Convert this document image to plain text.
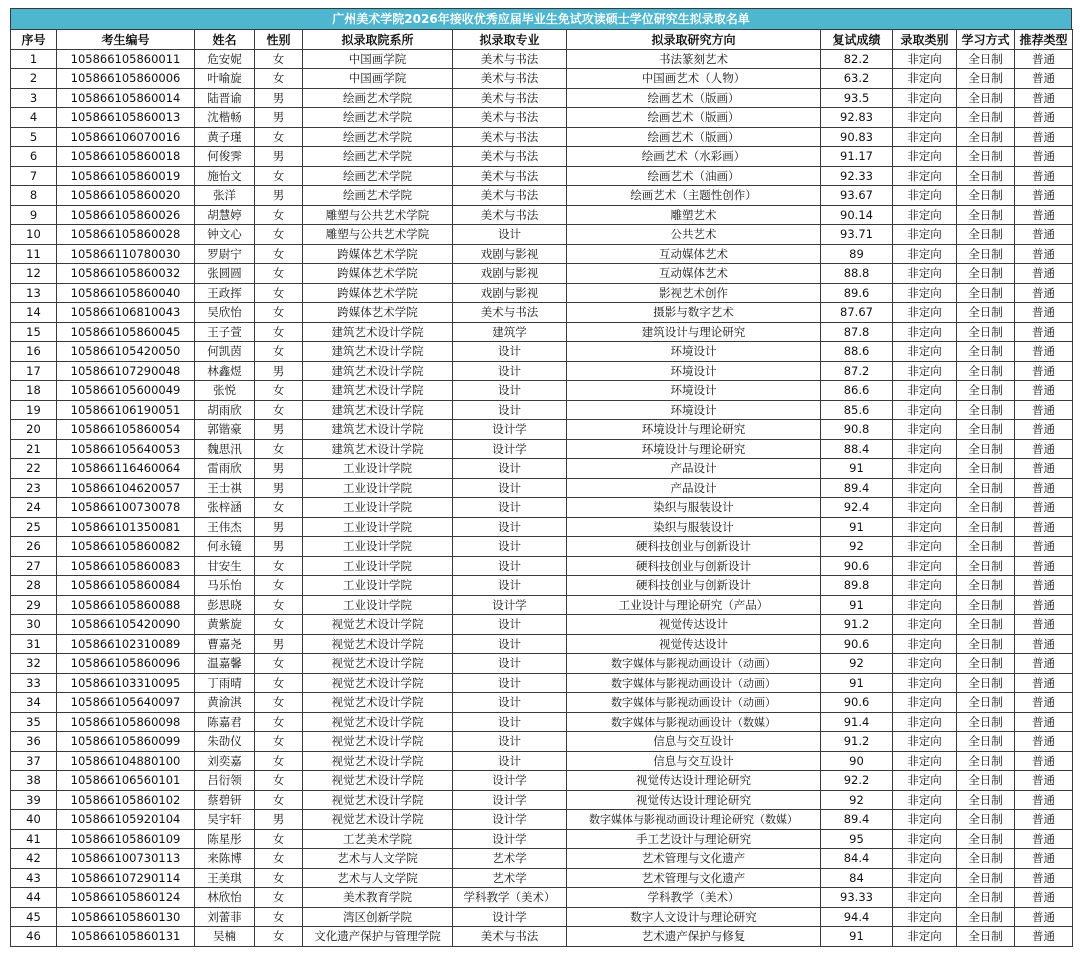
广州美术学院2026年接收优秀应届毕业生免试攻读硕士学位研究生拟录取名单
序号	考生编号	姓名	性别	拟录取院系所	拟录取专业	拟录取研究方向	复试成绩	录取类别	学习方式	推荐类型
1	105866105860011	危安妮	女	中国画学院	美术与书法	书法篆刻艺术	82.2	非定向	全日制	普通
2	105866105860006	叶喻旋	女	中国画学院	美术与书法	中国画艺术（人物）	63.2	非定向	全日制	普通
3	105866105860014	陆晋谕	男	绘画艺术学院	美术与书法	绘画艺术（版画）	93.5	非定向	全日制	普通
4	105866105860013	沈楷畅	男	绘画艺术学院	美术与书法	绘画艺术（版画）	92.83	非定向	全日制	普通
5	105866106070016	黄子瑾	女	绘画艺术学院	美术与书法	绘画艺术（版画）	90.83	非定向	全日制	普通
6	105866105860018	何俊霁	男	绘画艺术学院	美术与书法	绘画艺术（水彩画）	91.17	非定向	全日制	普通
7	105866105860019	施怡文	女	绘画艺术学院	美术与书法	绘画艺术（油画）	92.33	非定向	全日制	普通
8	105866105860020	张洋	男	绘画艺术学院	美术与书法	绘画艺术（主题性创作）	93.67	非定向	全日制	普通
9	105866105860026	胡慧婷	女	雕塑与公共艺术学院	美术与书法	雕塑艺术	90.14	非定向	全日制	普通
10	105866105860028	钟文心	女	雕塑与公共艺术学院	设计	公共艺术	93.71	非定向	全日制	普通
11	105866110780030	罗尉宁	女	跨媒体艺术学院	戏剧与影视	互动媒体艺术	89	非定向	全日制	普通
12	105866105860032	张圆圆	女	跨媒体艺术学院	戏剧与影视	互动媒体艺术	88.8	非定向	全日制	普通
13	105866105860040	王政挥	女	跨媒体艺术学院	戏剧与影视	影视艺术创作	89.6	非定向	全日制	普通
14	105866106810043	吴欣怡	女	跨媒体艺术学院	美术与书法	摄影与数字艺术	87.67	非定向	全日制	普通
15	105866105860045	王子萱	女	建筑艺术设计学院	建筑学	建筑设计与理论研究	87.8	非定向	全日制	普通
16	105866105420050	何凯茵	女	建筑艺术设计学院	设计	环境设计	88.6	非定向	全日制	普通
17	105866107290048	林鑫煜	男	建筑艺术设计学院	设计	环境设计	87.2	非定向	全日制	普通
18	105866105600049	张悦	女	建筑艺术设计学院	设计	环境设计	86.6	非定向	全日制	普通
19	105866106190051	胡雨欣	女	建筑艺术设计学院	设计	环境设计	85.6	非定向	全日制	普通
20	105866105860054	郭锴豪	男	建筑艺术设计学院	设计学	环境设计与理论研究	90.8	非定向	全日制	普通
21	105866105640053	魏思汛	女	建筑艺术设计学院	设计学	环境设计与理论研究	88.4	非定向	全日制	普通
22	105866116460064	雷雨欣	男	工业设计学院	设计	产品设计	91	非定向	全日制	普通
23	105866104620057	王士祺	男	工业设计学院	设计	产品设计	89.4	非定向	全日制	普通
24	105866100730078	张梓涵	女	工业设计学院	设计	染织与服装设计	92.4	非定向	全日制	普通
25	105866101350081	王伟杰	男	工业设计学院	设计	染织与服装设计	91	非定向	全日制	普通
26	105866105860082	何永镜	男	工业设计学院	设计	硬科技创业与创新设计	92	非定向	全日制	普通
27	105866105860083	甘安生	女	工业设计学院	设计	硬科技创业与创新设计	90.6	非定向	全日制	普通
28	105866105860084	马乐怡	女	工业设计学院	设计	硬科技创业与创新设计	89.8	非定向	全日制	普通
29	105866105860088	彭思晓	女	工业设计学院	设计学	工业设计与理论研究（产品）	91	非定向	全日制	普通
30	105866105420090	黄紫旋	女	视觉艺术设计学院	设计	视觉传达设计	91.2	非定向	全日制	普通
31	105866102310089	曹嘉尧	男	视觉艺术设计学院	设计	视觉传达设计	90.6	非定向	全日制	普通
32	105866105860096	温嘉馨	女	视觉艺术设计学院	设计	数字媒体与影视动画设计（动画）	92	非定向	全日制	普通
33	105866103310095	丁雨晴	女	视觉艺术设计学院	设计	数字媒体与影视动画设计（动画）	91	非定向	全日制	普通
34	105866105640097	黄渝淇	女	视觉艺术设计学院	设计	数字媒体与影视动画设计（动画）	90.6	非定向	全日制	普通
35	105866105860098	陈嘉君	女	视觉艺术设计学院	设计	数字媒体与影视动画设计（数媒）	91.4	非定向	全日制	普通
36	105866105860099	朱劭仪	女	视觉艺术设计学院	设计	信息与交互设计	91.2	非定向	全日制	普通
37	105866104880100	刘奕嘉	女	视觉艺术设计学院	设计	信息与交互设计	90	非定向	全日制	普通
38	105866106560101	吕衍领	女	视觉艺术设计学院	设计学	视觉传达设计理论研究	92.2	非定向	全日制	普通
39	105866105860102	蔡碧钘	女	视觉艺术设计学院	设计学	视觉传达设计理论研究	92	非定向	全日制	普通
40	105866105920104	吴宇轩	男	视觉艺术设计学院	设计学	数字媒体与影视动画设计理论研究（数媒）	89.4	非定向	全日制	普通
41	105866105860109	陈星彤	女	工艺美术学院	设计学	手工艺设计与理论研究	95	非定向	全日制	普通
42	105866100730113	来陈博	女	艺术与人文学院	艺术学	艺术管理与文化遗产	84.4	非定向	全日制	普通
43	105866107290114	王美琪	女	艺术与人文学院	艺术学	艺术管理与文化遗产	84	非定向	全日制	普通
44	105866105860124	林欣怡	女	美术教育学院	学科教学（美术）	学科教学（美术）	93.33	非定向	全日制	普通
45	105866105860130	刘蕾菲	女	湾区创新学院	设计学	数字人文设计与理论研究	94.4	非定向	全日制	普通
46	105866105860131	吴楠	女	文化遗产保护与管理学院	美术与书法	艺术遗产保护与修复	91	非定向	全日制	普通
